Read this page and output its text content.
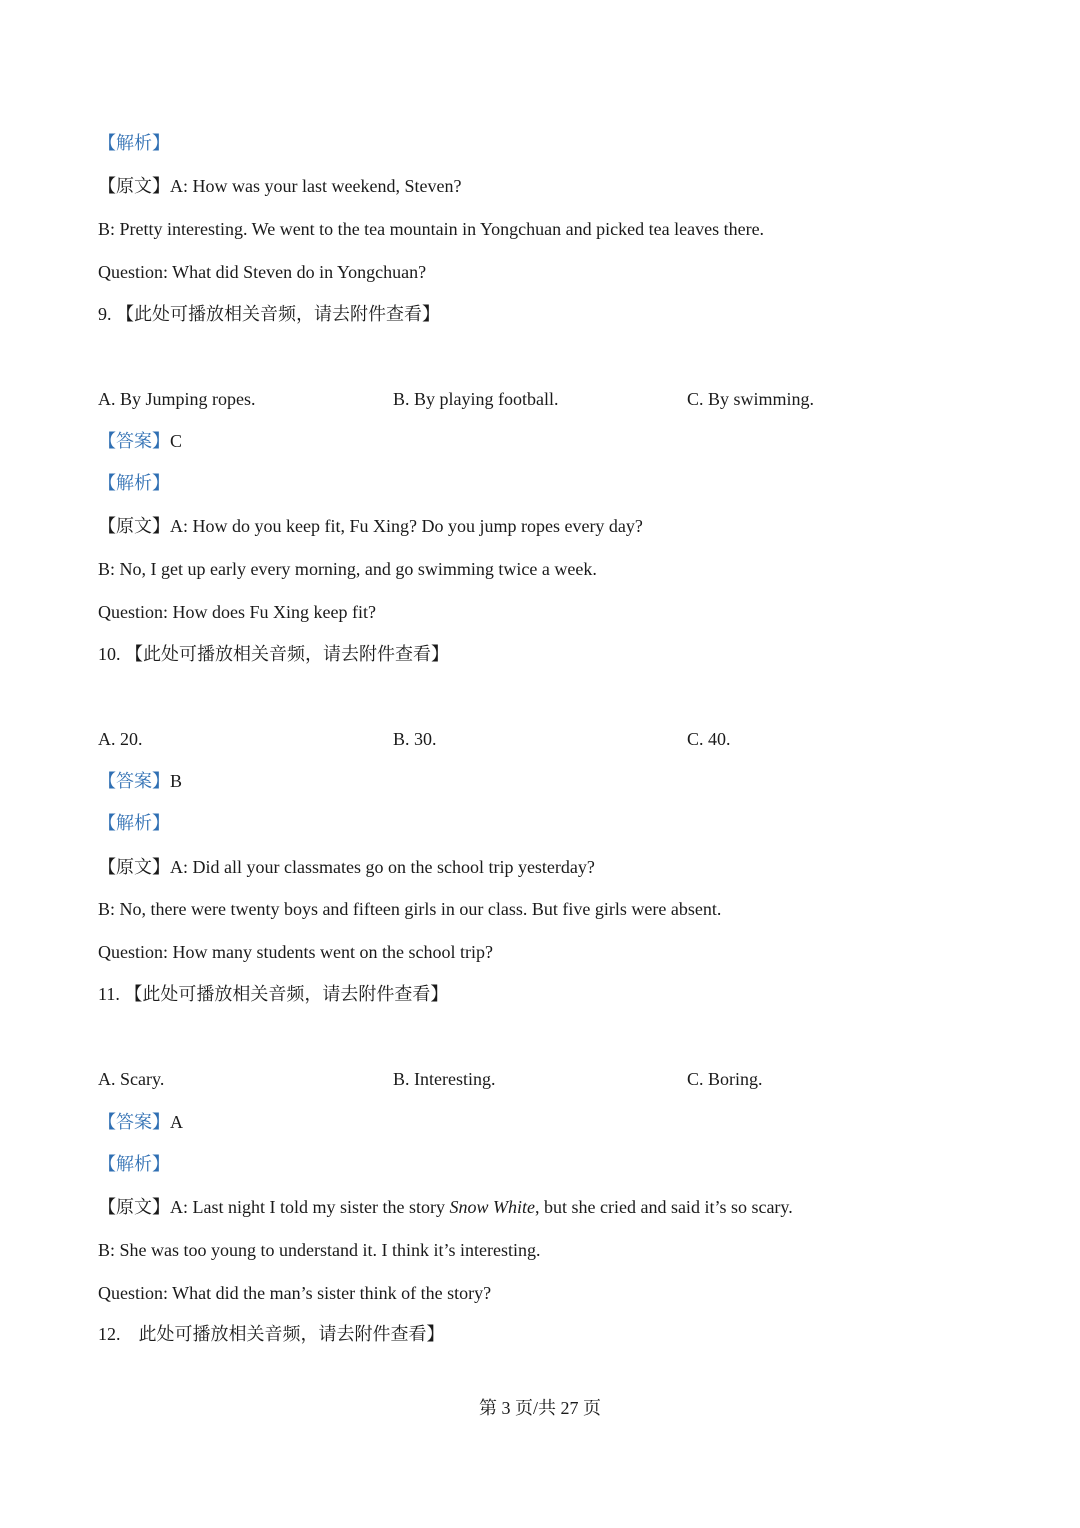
【解析】
【原文】A: How was your last weekend, Steven?
B: Pretty interesting. We went to the tea mountain in Yongchuan and picked tea leaves there.
Question: What did Steven do in Yongchuan?
9. 【此处可播放相关音频，请去附件查看】
A. By Jumping ropes.	B. By playing football.	C. By swimming.
【答案】C
【解析】
【原文】A: How do you keep fit, Fu Xing? Do you jump ropes every day?
B: No, I get up early every morning, and go swimming twice a week.
Question: How does Fu Xing keep fit?
10. 【此处可播放相关音频，请去附件查看】
A. 20.	B. 30.	C. 40.
【答案】B
【解析】
【原文】A: Did all your classmates go on the school trip yesterday?
B: No, there were twenty boys and fifteen girls in our class. But five girls were absent.
Question: How many students went on the school trip?
11. 【此处可播放相关音频，请去附件查看】
A. Scary.	B. Interesting.	C. Boring.
【答案】A
【解析】
【原文】A: Last night I told my sister the story Snow White, but she cried and said it’s so scary.
B: She was too young to understand it. I think it’s interesting.
Question: What did the man’s sister think of the story?
12. 此处可播放相关音频，请去附件查看】
第 3 页/共 27 页
